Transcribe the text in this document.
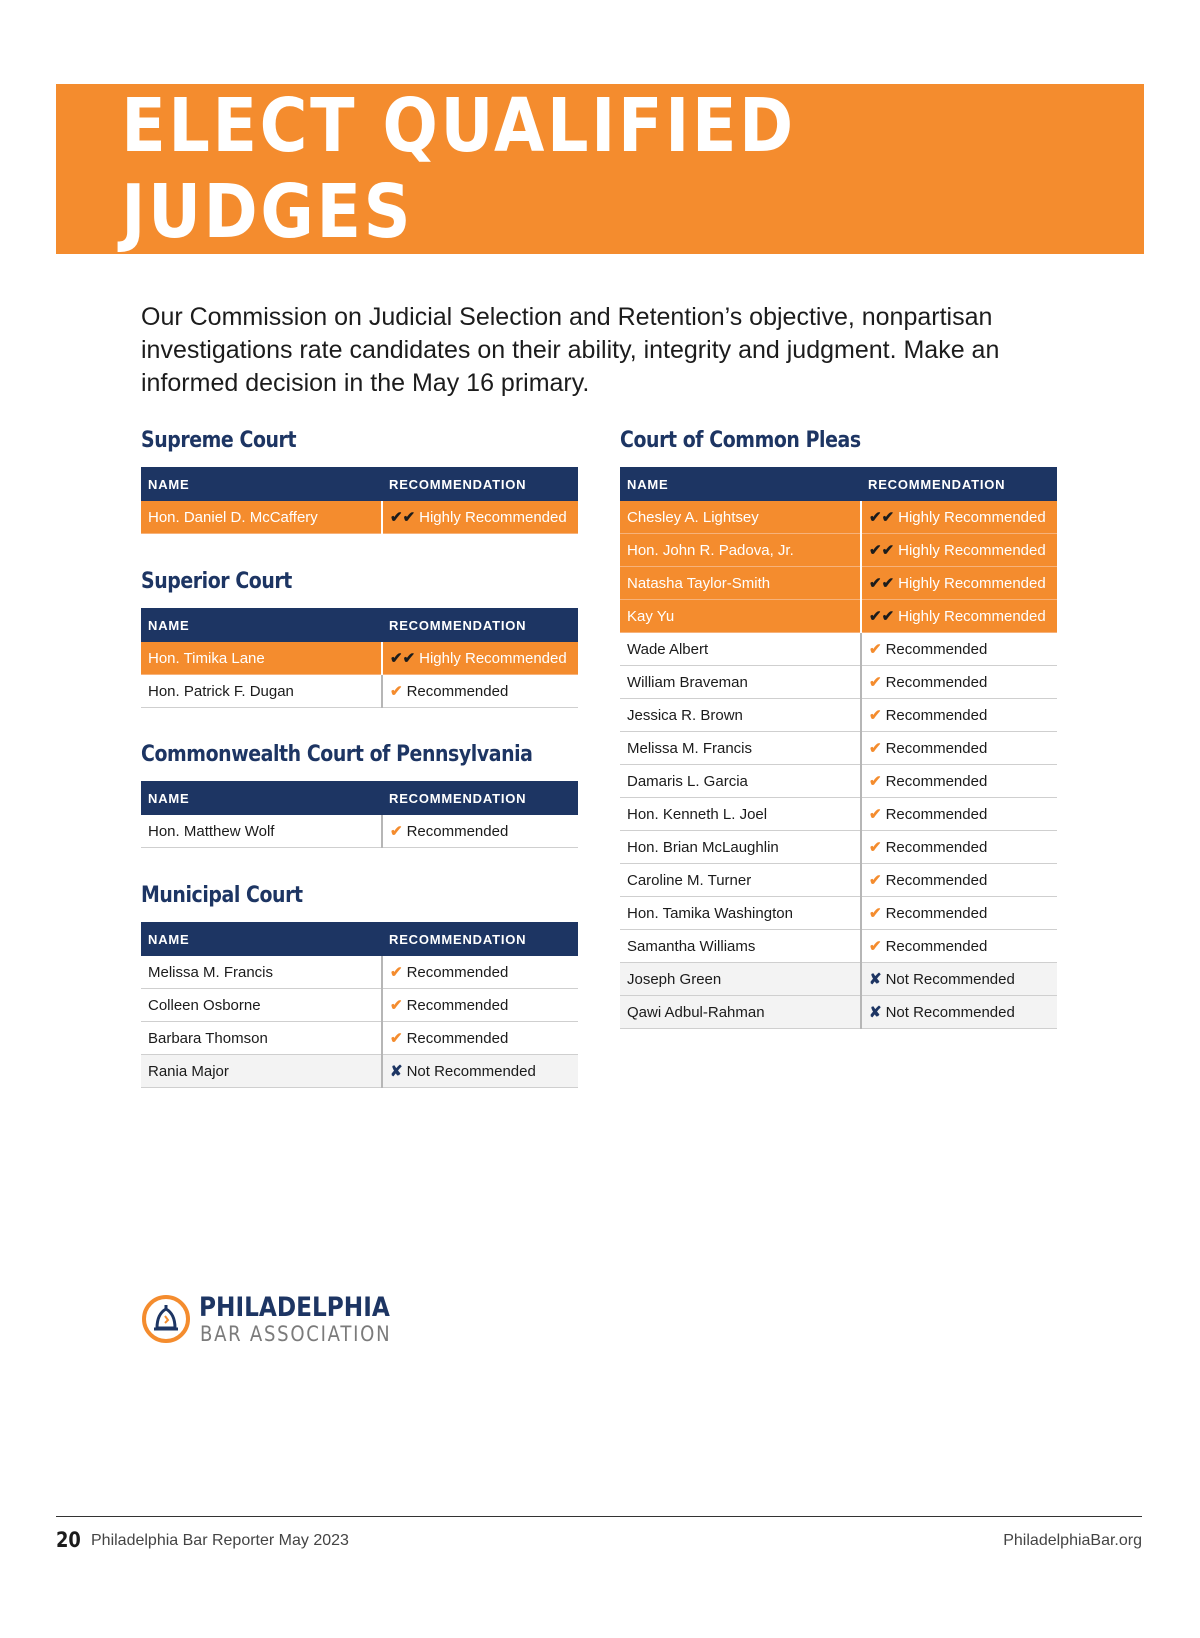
ELECT QUALIFIED JUDGES

Our Commission on Judicial Selection and Retention’s objective, nonpartisan investigations rate candidates on their ability, integrity and judgment. Make an informed decision in the May 16 primary.

Supreme Court
NAME	RECOMMENDATION
Hon. Daniel D. McCaffery	✔✔ Highly Recommended
Superior Court
NAME	RECOMMENDATION
Hon. Timika Lane	✔✔ Highly Recommended
Hon. Patrick F. Dugan	✔ Recommended
Commonwealth Court of Pennsylvania
NAME	RECOMMENDATION
Hon. Matthew Wolf	✔ Recommended
Municipal Court
NAME	RECOMMENDATION
Melissa M. Francis	✔ Recommended
Colleen Osborne	✔ Recommended
Barbara Thomson	✔ Recommended
Rania Major	✘ Not Recommended
Court of Common Pleas
NAME	RECOMMENDATION
Chesley A. Lightsey	✔✔ Highly Recommended
Hon. John R. Padova, Jr.	✔✔ Highly Recommended
Natasha Taylor-Smith	✔✔ Highly Recommended
Kay Yu	✔✔ Highly Recommended
Wade Albert	✔ Recommended
William Braveman	✔ Recommended
Jessica R. Brown	✔ Recommended
Melissa M. Francis	✔ Recommended
Damaris L. Garcia	✔ Recommended
Hon. Kenneth L. Joel	✔ Recommended
Hon. Brian McLaughlin	✔ Recommended
Caroline M. Turner	✔ Recommended
Hon. Tamika Washington	✔ Recommended
Samantha Williams	✔ Recommended
Joseph Green	✘ Not Recommended
Qawi Adbul-Rahman	✘ Not Recommended
PHILADELPHIA
BAR ASSOCIATION
20 Philadelphia Bar Reporter May 2023	PhiladelphiaBar.org
